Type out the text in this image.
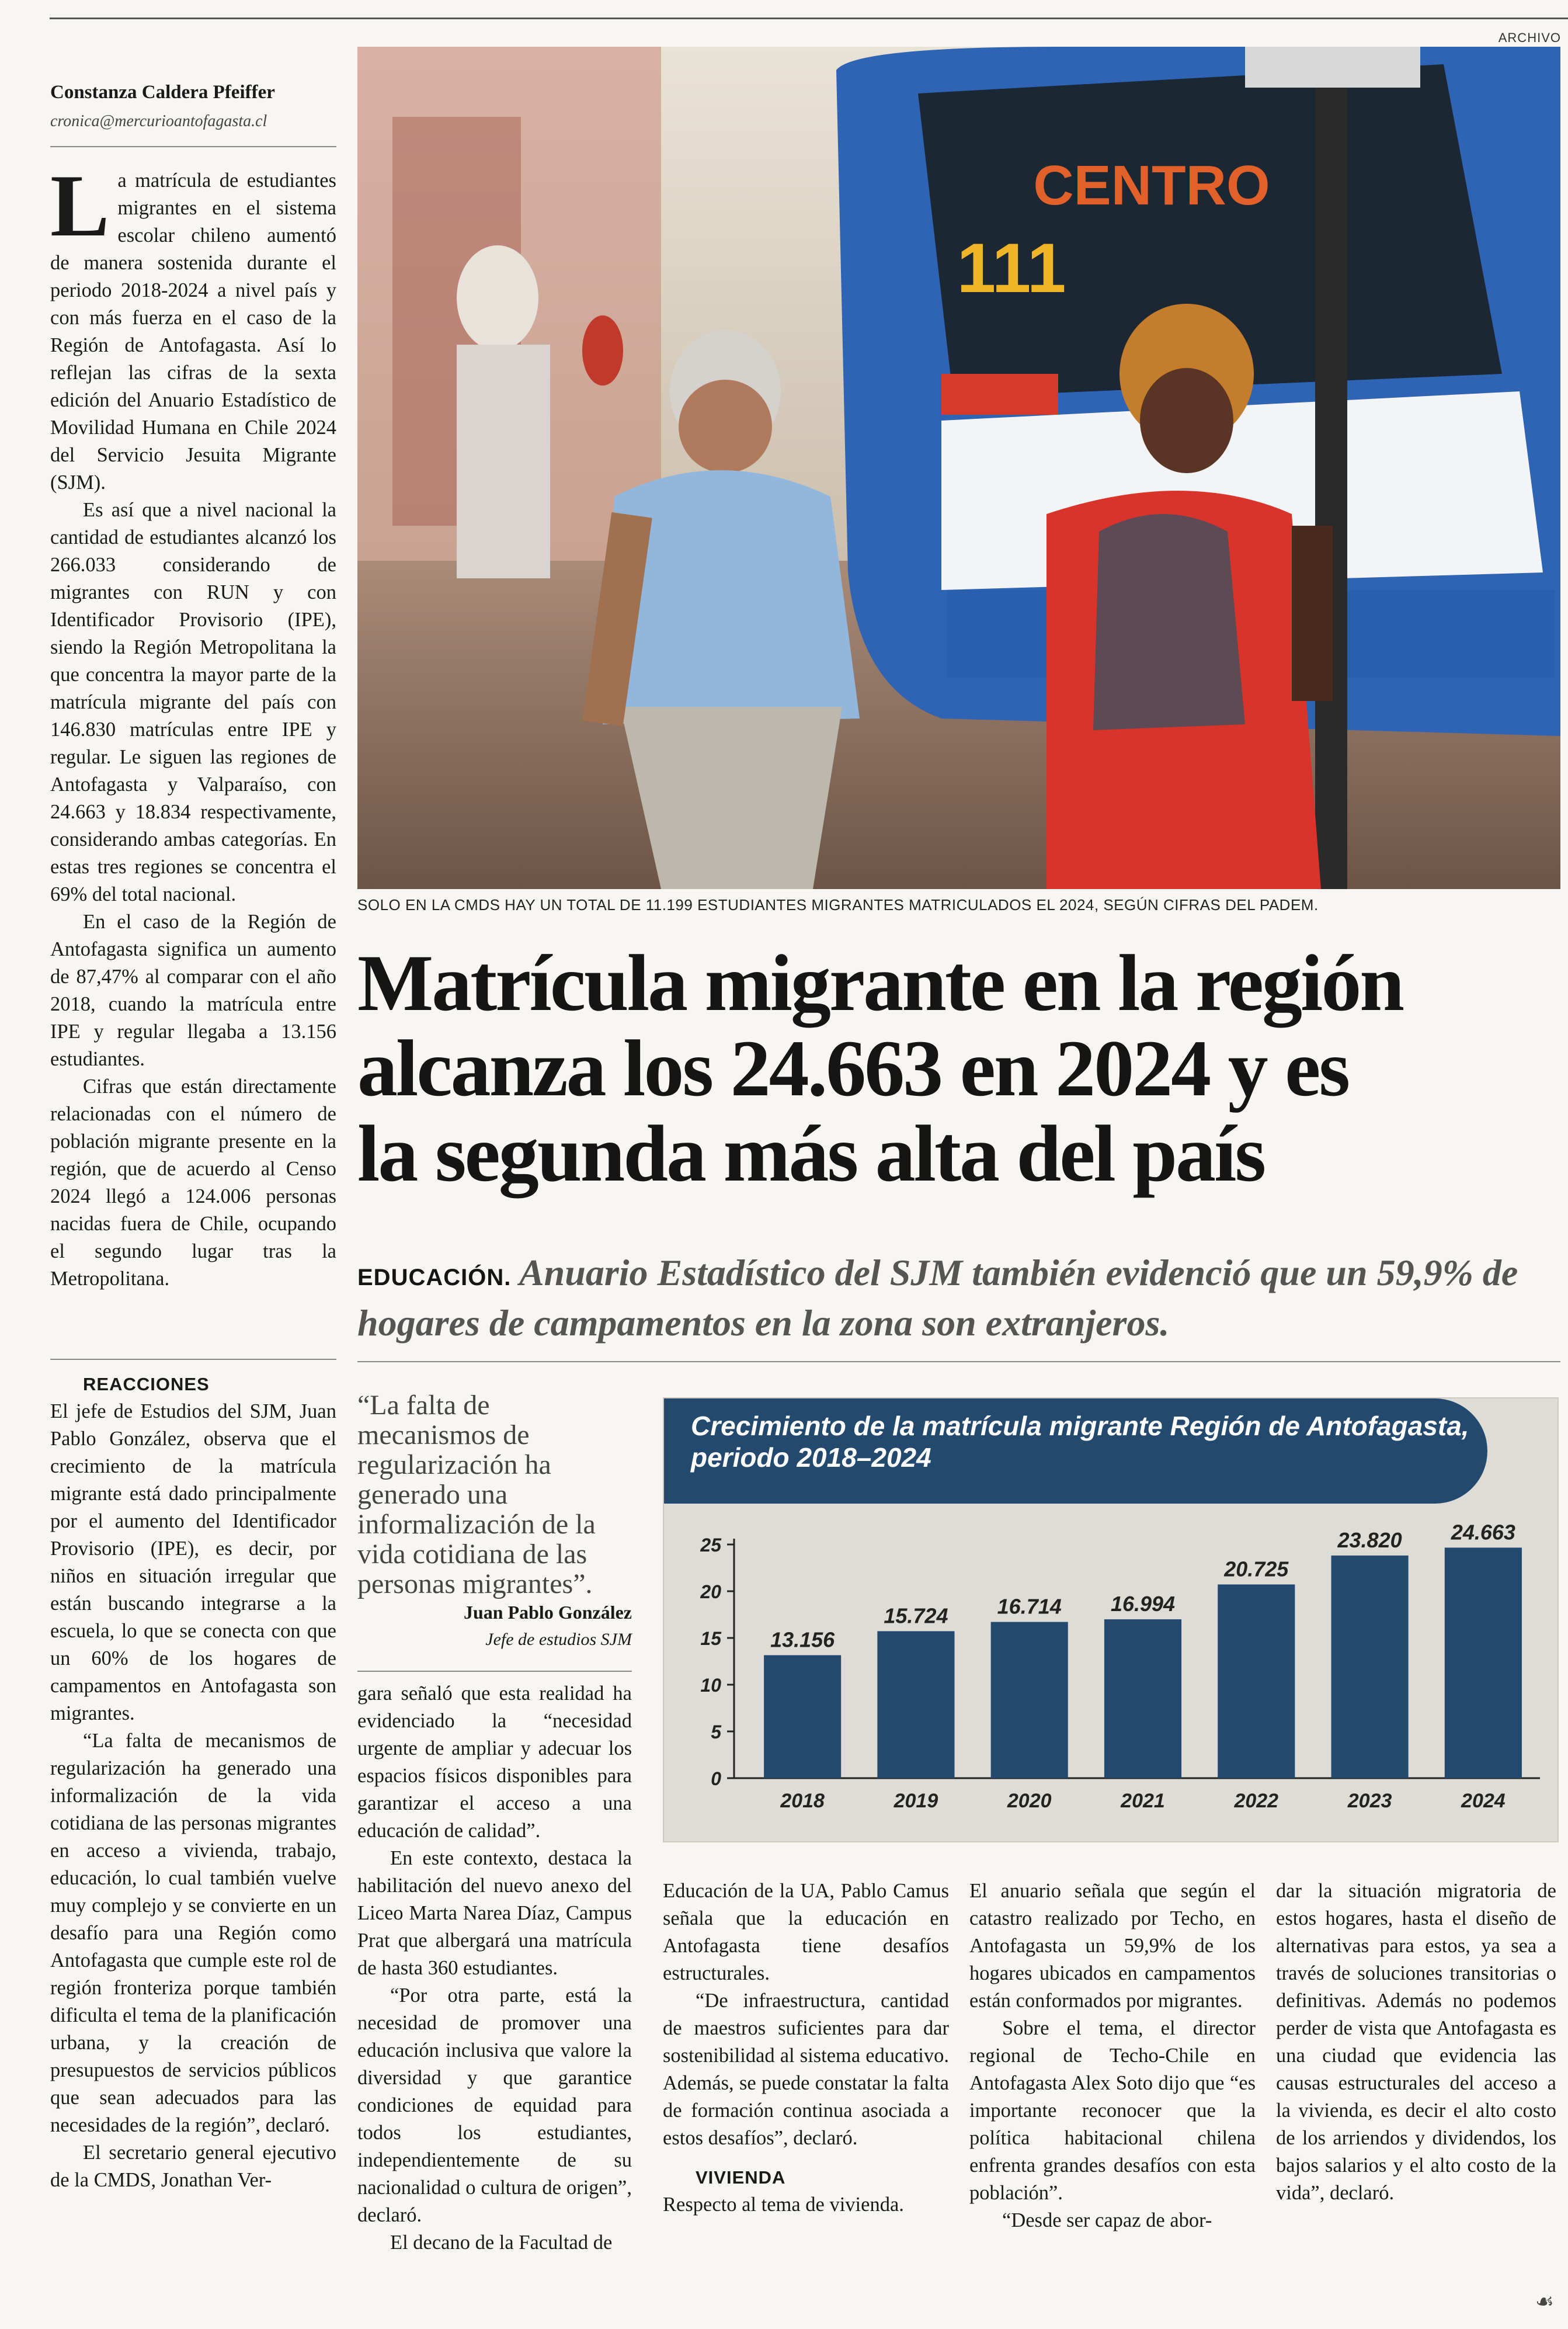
ARCHIVO
Constanza Caldera Pfeiffer
cronica@mercurioantofagasta.cl

La matrícula de estudiantes migrantes en el sistema escolar chileno aumentó de manera sostenida durante el periodo 2018-2024 a nivel país y con más fuerza en el caso de la Región de Antofagasta. Así lo reflejan las cifras de la sexta edición del Anuario Estadístico de Movilidad Humana en Chile 2024 del Servicio Jesuita Migrante (SJM).

Es así que a nivel nacional la cantidad de estudiantes alcanzó los 266.033 considerando de migrantes con RUN y con Identificador Provisorio (IPE), siendo la Región Metropolitana la que concentra la mayor parte de la matrícula migrante del país con 146.830 matrículas entre IPE y regular. Le siguen las regiones de Antofagasta y Valparaíso, con 24.663 y 18.834 respectivamente, considerando ambas categorías. En estas tres regiones se concentra el 69% del total nacional.

En el caso de la Región de Antofagasta significa un aumento de 87,47% al comparar con el año 2018, cuando la matrícula entre IPE y regular llegaba a 13.156 estudiantes.

Cifras que están directamente relacionadas con el número de población migrante presente en la región, que de acuerdo al Censo 2024 llegó a 124.006 personas nacidas fuera de Chile, ocupando el segundo lugar tras la Metropolitana.

REACCIONES

El jefe de Estudios del SJM, Juan Pablo González, observa que el crecimiento de la matrícula migrante está dado principalmente por el aumento del Identificador Provisorio (IPE), es decir, por niños en situación irregular que están buscando integrarse a la escuela, lo que se conecta con que un 60% de los hogares de campamentos en Antofagasta son migrantes.

“La falta de mecanismos de regularización ha generado una informalización de la vida cotidiana de las personas migrantes en acceso a vivienda, trabajo, educación, lo cual también vuelve muy complejo y se convierte en un desafío para una Región como Antofagasta que cumple este rol de región fronteriza porque también dificulta el tema de la planificación urbana, y la creación de presupuestos de servicios públicos que sean adecuados para las necesidades de la región”, declaró.

El secretario general ejecutivo de la CMDS, Jonathan Ver-

CENTRO
111
SOLO EN LA CMDS HAY UN TOTAL DE 11.199 ESTUDIANTES MIGRANTES MATRICULADOS EL 2024, SEGÚN CIFRAS DEL PADEM.
Matrícula migrante en la región
alcanza los 24.663 en 2024 y es
la segunda más alta del país
EDUCACIÓN. Anuario Estadístico del SJM también evidenció que un 59,9% de hogares de campamentos en la zona son extranjeros.
“La falta de mecanismos de regularización ha generado una informalización de la vida cotidiana de las personas migrantes”.
Juan Pablo González
Jefe de estudios SJM

gara señaló que esta realidad ha evidenciado la “necesidad urgente de ampliar y adecuar los espacios físicos disponibles para garantizar el acceso a una educación de calidad”.

En este contexto, destaca la habilitación del nuevo anexo del Liceo Marta Narea Díaz, Campus Prat que albergará una matrícula de hasta 360 estudiantes.

“Por otra parte, está la necesidad de promover una educación inclusiva que valore la diversidad y que garantice condiciones de equidad para todos los estudiantes, independientemente de su nacionalidad o cultura de origen”, declaró.

El decano de la Facultad de

Crecimiento de la matrícula migrante Región de Antofagasta, periodo 2018–2024
0
5
10
15
20
25
13.156
2018
15.724
2019
16.714
2020
16.994
2021
20.725
2022
23.820
2023
24.663
2024

Educación de la UA, Pablo Camus señala que la educación en Antofagasta tiene desafíos estructurales.

“De infraestructura, cantidad de maestros suficientes para dar sostenibilidad al sistema educativo. Además, se puede constatar la falta de formación continua asociada a estos desafíos”, declaró.

VIVIENDA

Respecto al tema de vivienda.

El anuario señala que según el catastro realizado por Techo, en Antofagasta un 59,9% de los hogares ubicados en campamentos están conformados por migrantes.

Sobre el tema, el director regional de Techo-Chile en Antofagasta Alex Soto dijo que “es importante reconocer que la política habitacional chilena enfrenta grandes desafíos con esta población”.

“Desde ser capaz de abor-

dar la situación migratoria de estos hogares, hasta el diseño de alternativas para estos, ya sea a través de soluciones transitorias o definitivas. Además no podemos perder de vista que Antofagasta es una ciudad que evidencia las causas estructurales del acceso a la vivienda, es decir el alto costo de los arriendos y dividendos, los bajos salarios y el alto costo de la vida”, declaró.

☙
